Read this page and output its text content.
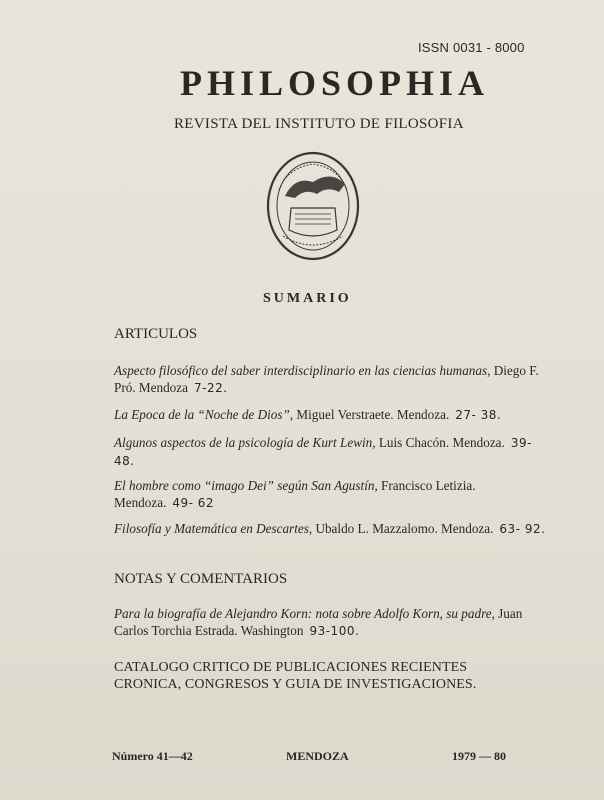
ISSN 0031 - 8000
PHILOSOPHIA
REVISTA DEL INSTITUTO DE FILOSOFIA
SUMARIO
ARTICULOS
Aspecto filosófico del saber interdisciplinario en las ciencias humanas, Diego F. Pró. Mendoza 7-22.
La Epoca de la “Noche de Dios”, Miguel Verstraete. Mendoza. 27- 38.
Algunos aspectos de la psicología de Kurt Lewin, Luis Chacón. Mendoza. 39- 48.
El hombre como “imago Dei” según San Agustín, Francisco Letizia. Mendoza. 49- 62
Filosofía y Matemática en Descartes, Ubaldo L. Mazzalomo. Mendoza. 63- 92.
NOTAS Y COMENTARIOS
Para la biografía de Alejandro Korn: nota sobre Adolfo Korn, su padre, Juan Carlos Torchia Estrada. Washington 93-100.
CATALOGO CRITICO DE PUBLICACIONES RECIENTES
CRONICA, CONGRESOS Y GUIA DE INVESTIGACIONES.
Número 41—42	MENDOZA	1979 — 80
